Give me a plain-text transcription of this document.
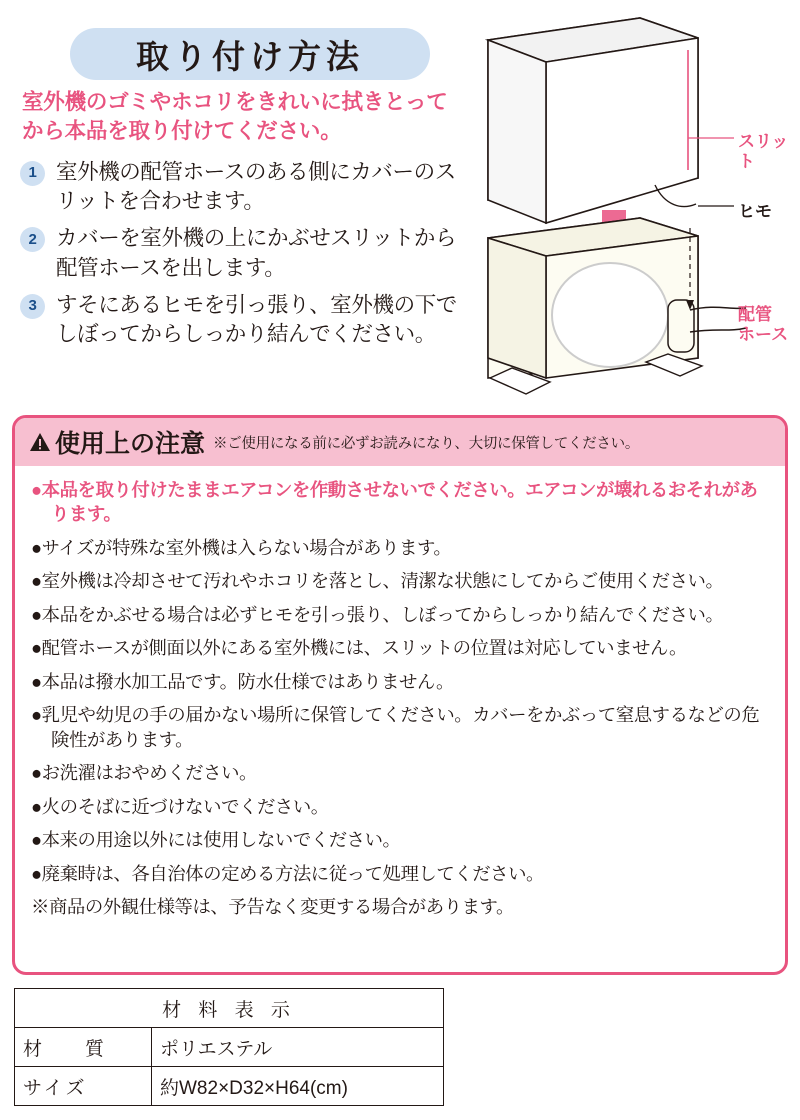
取り付け方法
室外機のゴミやホコリをきれいに拭きとってから本品を取り付けてください。
1 室外機の配管ホースのある側にカバーのスリットを合わせます。
2 カバーを室外機の上にかぶせスリットから配管ホースを出します。
3 すそにあるヒモを引っ張り、室外機の下でしぼってからしっかり結んでください。
スリット
ヒモ
配管
ホース
使用上の注意 ※ご使用になる前に必ずお読みになり、大切に保管してください。
●本品を取り付けたままエアコンを作動させないでください。エアコンが壊れるおそれがあります。
●サイズが特殊な室外機は入らない場合があります。
●室外機は冷却させて汚れやホコリを落とし、清潔な状態にしてからご使用ください。
●本品をかぶせる場合は必ずヒモを引っ張り、しぼってからしっかり結んでください。
●配管ホースが側面以外にある室外機には、スリットの位置は対応していません。
●本品は撥水加工品です。防水仕様ではありません。
●乳児や幼児の手の届かない場所に保管してください。カバーをかぶって窒息するなどの危険性があります。
●お洗濯はおやめください。
●火のそばに近づけないでください。
●本来の用途以外には使用しないでください。
●廃棄時は、各自治体の定める方法に従って処理してください。
※商品の外観仕様等は、予告なく変更する場合があります。
材 料 表 示	
材　質	ポリエステル
サイズ	約W82×D32×H64(cm)
